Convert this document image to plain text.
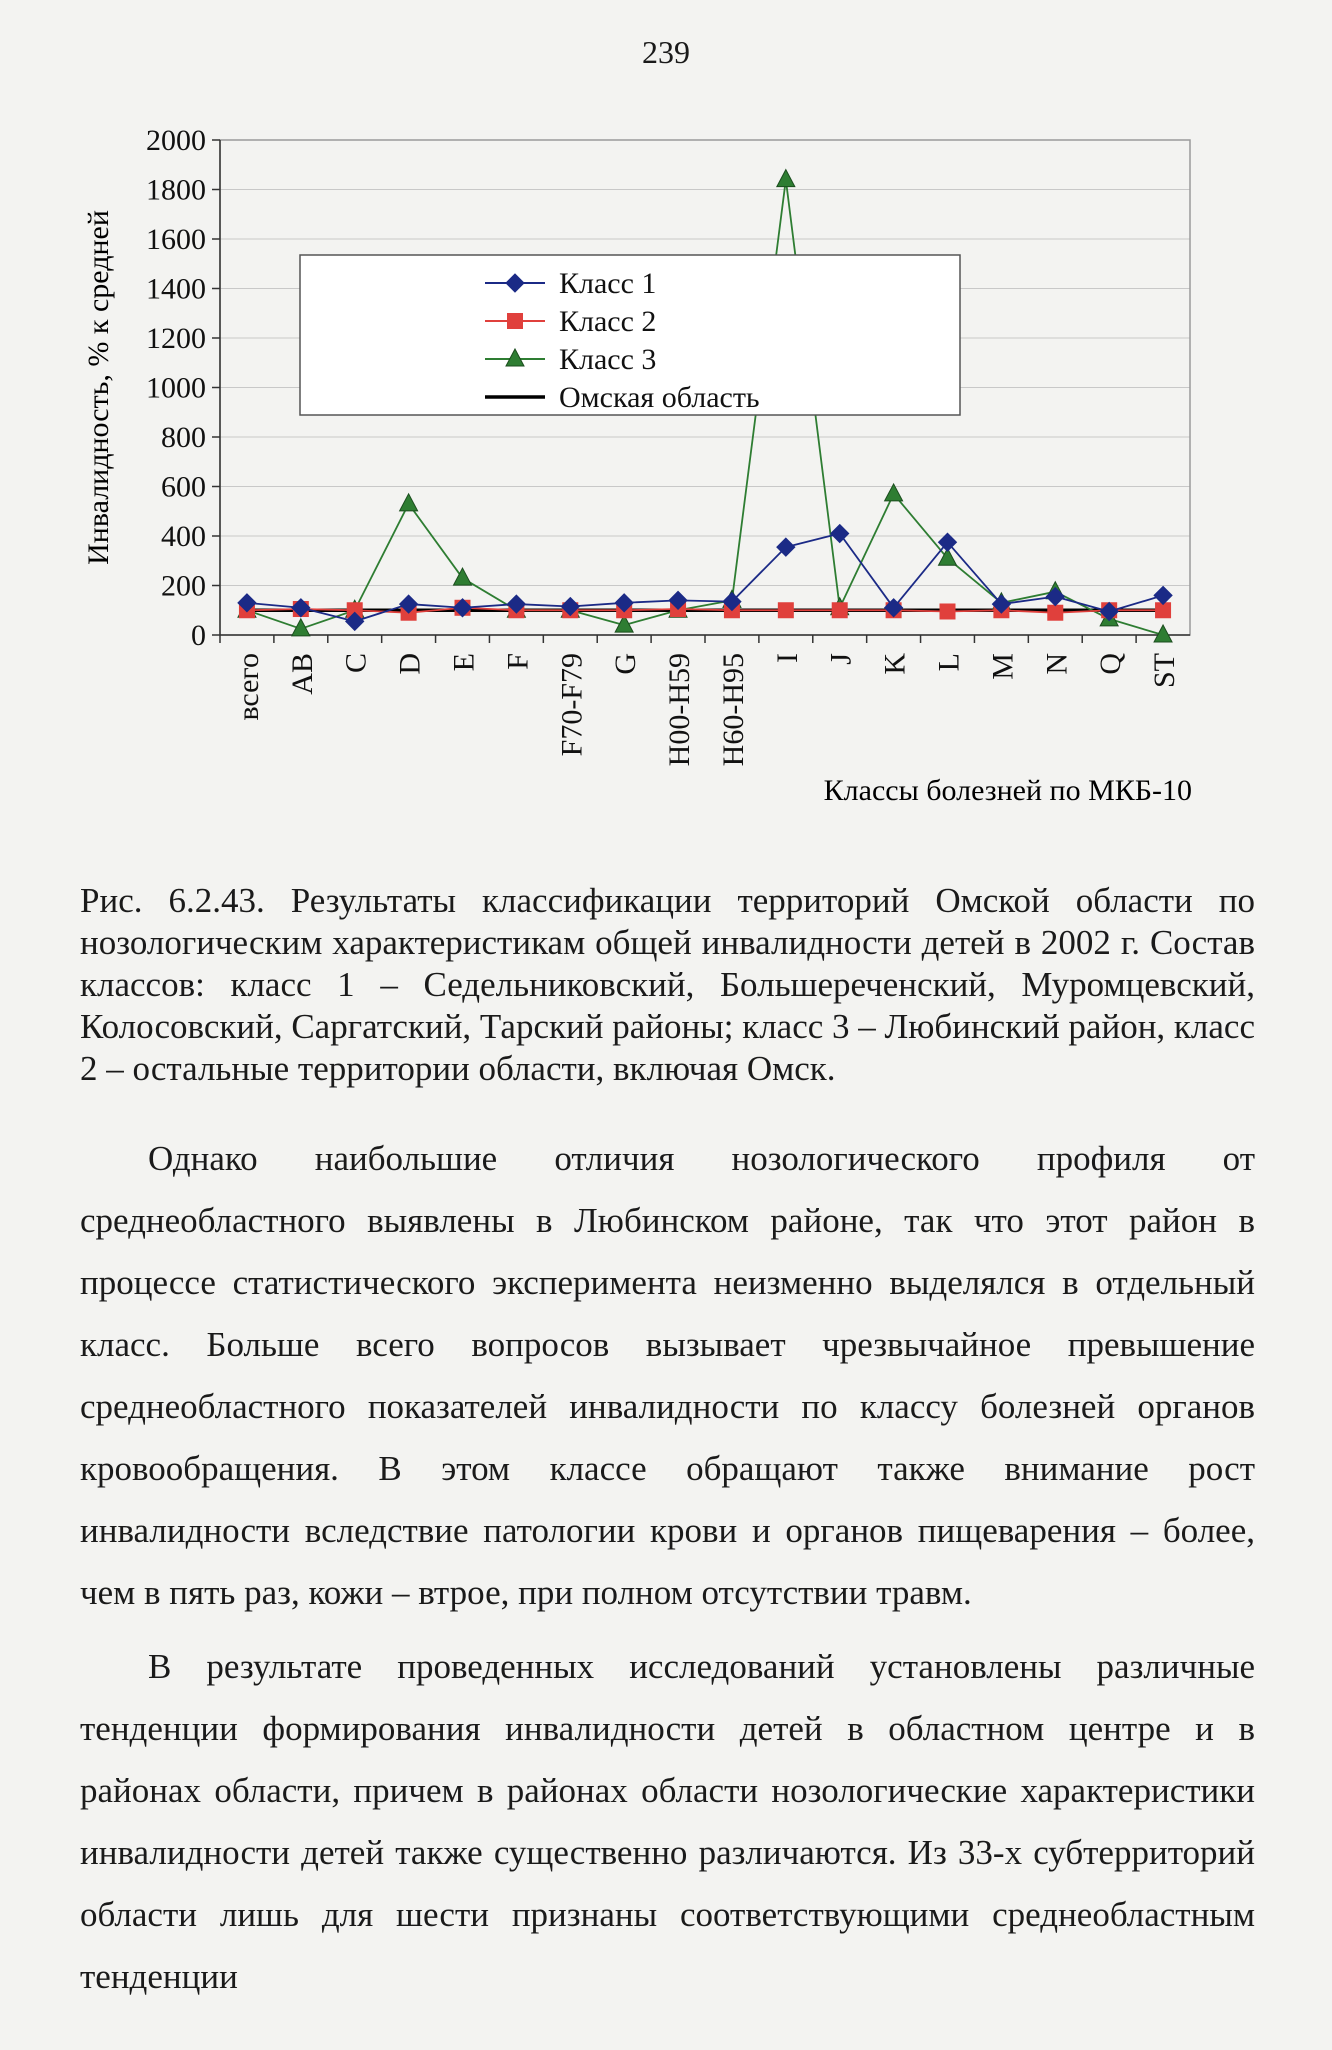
239
0
200
400
600
800
1000
1200
1400
1600
1800
2000
всего AB C D E F F70-F79 G H00-H59 H60-H95 I J K L M N Q ST
Инвалидность, % к средней
Классы болезней по МКБ-10
Класс 1
Класс 2
Класс 3
Омская область

Рис. 6.2.43. Результаты классификации территорий Омской области по нозологическим характеристикам общей инвалидности детей в 2002 г. Состав классов: класс 1 – Седельниковский, Большереченский, Муромцевский, Колосовский, Саргатский, Тарский районы; класс 3 – Любинский район, класс 2 – остальные территории области, включая Омск.

Однако наибольшие отличия нозологического профиля от среднеобластного выявлены в Любинском районе, так что этот район в процессе статистического эксперимента неизменно выделялся в отдельный класс. Больше всего вопросов вызывает чрезвычайное превышение среднеобластного показателей инвалидности по классу болезней органов кровообращения. В этом классе обращают также внимание рост инвалидности вследствие патологии крови и органов пищеварения – более, чем в пять раз, кожи – втрое, при полном отсутствии травм.

В результате проведенных исследований установлены различные тенденции формирования инвалидности детей в областном центре и в районах области, причем в районах области нозологические характеристики инвалидности детей также существенно различаются. Из 33-х субтерриторий области лишь для шести признаны соответствующими среднеобластным тенденции
